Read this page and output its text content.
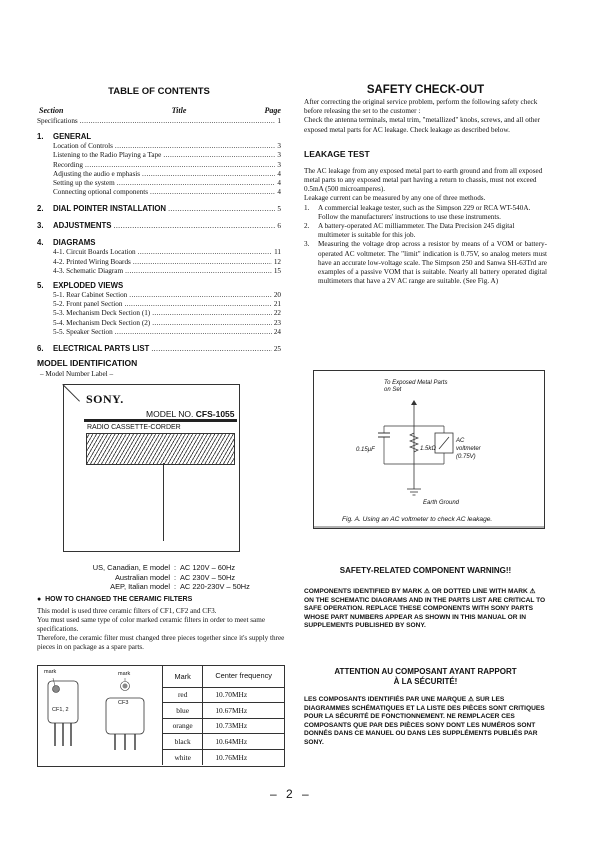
TABLE OF CONTENTS
Section	Title	Page
Specifications .....	1
1.	GENERAL
Location of Controls .....	3
Listening to the Radio Playing a Tape .....	3
Recording .....	3
Adjusting the audio e mphasis .....	4
Setting up the system .....	4
Connecting optional components .....	4
2.	DIAL POINTER INSTALLATION .....	5
3.	ADJUSTMENTS .....	6
4.	DIAGRAMS
4-1. Circuit Boards Location .....	11
4-2. Printed Wiring Boards .....	12
4-3. Schematic Diagram .....	15
5.	EXPLODED VIEWS
5-1. Rear Cabinet Section .....	20
5-2. Front panel Section .....	21
5-3. Mechanism Deck Section (1) .....	22
5-4. Mechanism Deck Section (2) .....	23
5-5. Speaker Section .....	24
6.	ELECTRICAL PARTS LIST .....	25
MODEL IDENTIFICATION
– Model Number Label –
SONY.
MODEL NO. CFS-1055
RADIO CASSETTE-CORDER
US, Canadian, E model : AC 120V – 60Hz
Australian model : AC 230V – 50Hz
AEP, Italian model : AC 220-230V – 50Hz
●  HOW TO CHANGED THE CERAMIC FILTERS
This model is used three ceramic filters of CF1, CF2 and CF3.
You must used same type of color marked ceramic filters in order to meet same specifications.
Therefore, the ceramic filter must changed three pieces together since it's supply three pieces in on package as a spare parts.
mark	mark
CF1, 2
CF3
Mark	Center frequency
red	10.70MHz
blue	10.67MHz
orange	10.73MHz
black	10.64MHz
white	10.76MHz
SAFETY CHECK-OUT
After correcting the original service problem, perform the following safety check before releasing the set to the customer :
Check the antenna terminals, metal trim, "metallized" knobs, screws, and all other exposed metal parts for AC leakage. Check leakage as described below.
LEAKAGE TEST
The AC leakage from any exposed metal part to earth ground and from all exposed metal parts to any exposed metal part having a return to chassis, must not exceed 0.5mA (500 microamperes).
Leakage current can be measured by any one of three methods.
1.	A commercial leakage tester, such as the Simpson 229 or RCA WT-540A. Follow the manufacturers' instructions to use these instruments.
2.	A battery-operated AC milliammeter. The Data Precision 245 digital multimeter is suitable for this job.
3.	Measuring the voltage drop across a resistor by means of a VOM or battery-operated AC voltmeter. The "limit" indication is 0.75V, so analog meters must have an accurate low-voltage scale. The Simpson 250 and Sanwa SH-63Trd are examples of a passive VOM that is suitable. Nearly all battery operated digital multimeters that have a 2V AC range are suitable. (See Fig. A)
To Exposed Metal Parts on Set
0.15µF	1.5kΩ
AC
voltmeter
(0.75V)
Earth Ground
Fig. A. Using an AC voltmeter to check AC leakage.
SAFETY-RELATED COMPONENT WARNING!!
COMPONENTS IDENTIFIED BY MARK ⚠ OR DOTTED LINE WITH MARK ⚠ ON THE SCHEMATIC DIAGRAMS AND IN THE PARTS LIST ARE CRITICAL TO SAFE OPERATION. REPLACE THESE COMPONENTS WITH SONY PARTS WHOSE PART NUMBERS APPEAR AS SHOWN IN THIS MANUAL OR IN SUPPLEMENTS PUBLISHED BY SONY.
ATTENTION AU COMPOSANT AYANT RAPPORT
À LA SÉCURITÉ!
LES COMPOSANTS IDENTIFIÉS PAR UNE MARQUE ⚠ SUR LES DIAGRAMMES SCHÉMATIQUES ET LA LISTE DES PIÈCES SONT CRITIQUES POUR LA SÉCURITÉ DE FONCTIONNEMENT. NE REMPLACER CES COMPOSANTS QUE PAR DES PIÈCES SONY DONT LES NUMÉROS SONT DONNÉS DANS CE MANUEL OU DANS LES SUPPLÉMENTS PUBLIÉS PAR SONY.
– 2 –
